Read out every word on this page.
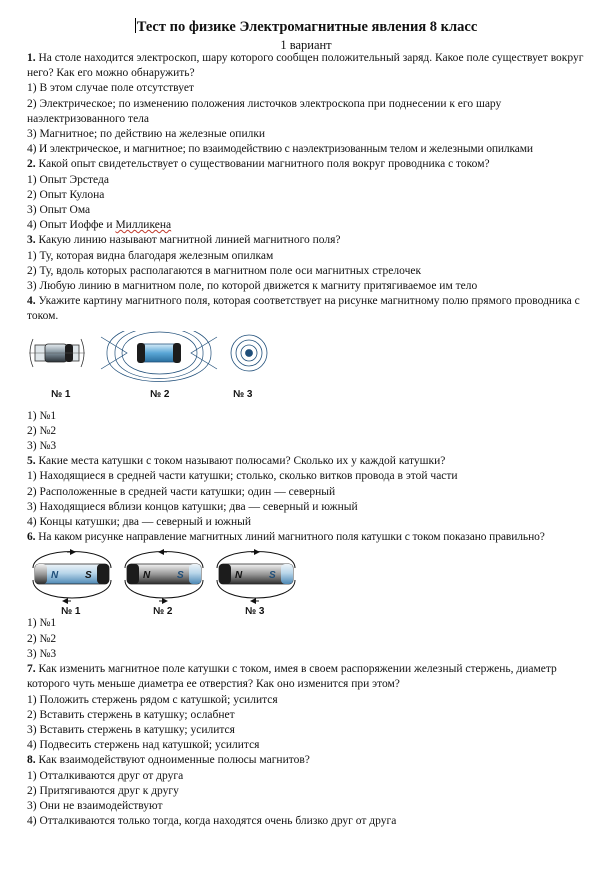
Тест по физике Электромагнитные явления 8 класс
1 вариант
1. На столе находится электроскоп, шару которого сообщен положительный заряд. Какое поле существует вокруг него? Как его можно обнаружить?
1) В этом случае поле отсутствует
2) Электрическое; по изменению положения листочков электроскопа при поднесении к его шару наэлектризованного тела
3) Магнитное; по действию на железные опилки
4) И электрическое, и магнитное; по взаимодействию с наэлектризованным телом и железными опилками
2. Какой опыт свидетельствует о существовании магнитного поля вокруг проводника с током?
1) Опыт Эрстеда
2) Опыт Кулона
3) Опыт Ома
4) Опыт Иоффе и Милликена
3. Какую линию называют магнитной линией магнитного поля?
1) Ту, которая видна благодаря железным опилкам
2) Ту, вдоль которых располагаются в магнитном поле оси магнитных стрелочек
3) Любую линию в магнитном поле, по которой движется к магниту притягиваемое им тело
4. Укажите картину магнитного поля, которая соответствует на рисунке магнитному полю прямого проводника с током.
№ 1	№ 2	№ 3
1) №1
2) №2
3) №3
5. Какие места катушки с током называют полюсами? Сколько их у каждой катушки?
1) Находящиеся в средней части катушки; столько, сколько витков провода в этой части
2) Расположенные в средней части катушки; один — северный
3) Находящиеся вблизи концов катушки; два — северный и южный
4) Концы катушки; два — северный и южный
6. На каком рисунке направление магнитных линий магнитного поля катушки с током показано правильно?
N	S	N	S	N	S
№ 1	№ 2	№ 3
1) №1
2) №2
3) №3
7. Как изменить магнитное поле катушки с током, имея в своем распоряжении железный стержень, диаметр которого чуть меньше диаметра ее отверстия? Как оно изменится при этом?
1) Положить стержень рядом с катушкой; усилится
2) Вставить стержень в катушку; ослабнет
3) Вставить стержень в катушку; усилится
4) Подвесить стержень над катушкой; усилится
8. Как взаимодействуют одноименные полюсы магнитов?
1) Отталкиваются друг от друга
2) Притягиваются друг к другу
3) Они не взаимодействуют
4) Отталкиваются только тогда, когда находятся очень близко друг от друга
